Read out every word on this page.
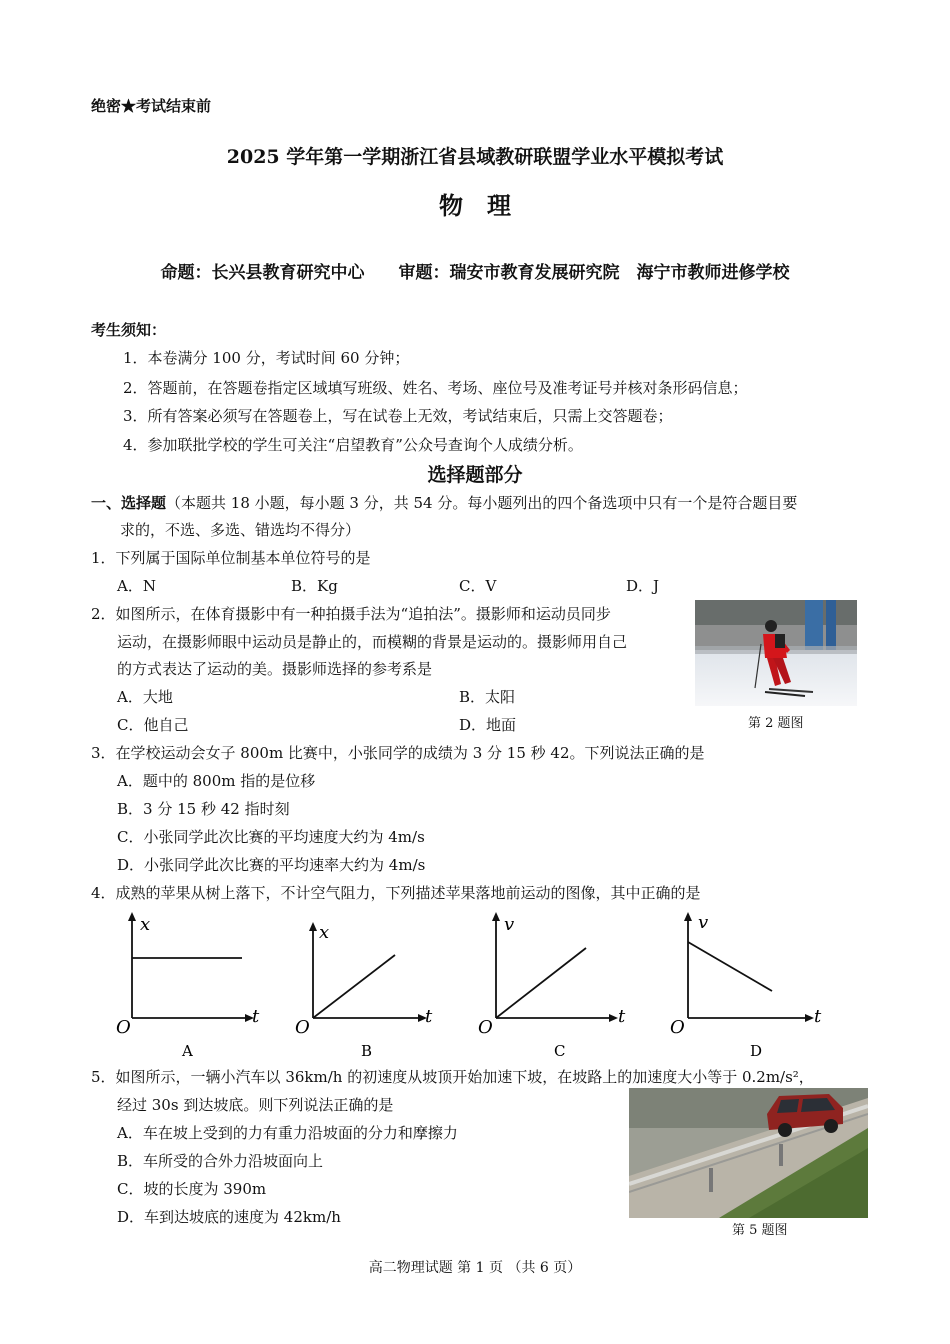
绝密★考试结束前
2025 学年第一学期浙江省县域教研联盟学业水平模拟考试
物　理
命题：长兴县教育研究中心　　审题：瑞安市教育发展研究院　海宁市教师进修学校
考生须知：
1．本卷满分 100 分，考试时间 60 分钟；
2．答题前，在答题卷指定区域填写班级、姓名、考场、座位号及准考证号并核对条形码信息；
3．所有答案必须写在答题卷上，写在试卷上无效，考试结束后，只需上交答题卷；
4．参加联批学校的学生可关注“启望教育”公众号查询个人成绩分析。
选择题部分
一、选择题（本题共 18 小题，每小题 3 分，共 54 分。每小题列出的四个备选项中只有一个是符合题目要
求的，不选、多选、错选均不得分）
1．下列属于国际单位制基本单位符号的是
A．N	B．Kg	C．V	D．J
2．如图所示，在体育摄影中有一种拍摄手法为“追拍法”。摄影师和运动员同步
运动，在摄影师眼中运动员是静止的，而模糊的背景是运动的。摄影师用自己
的方式表达了运动的美。摄影师选择的参考系是
A．大地	B．太阳
C．他自己	D．地面	第 2 题图
3．在学校运动会女子 800m 比赛中，小张同学的成绩为 3 分 15 秒 42。下列说法正确的是
A．题中的 800m 指的是位移
B．3 分 15 秒 42 指时刻
C．小张同学此次比赛的平均速度大约为 4m/s
D．小张同学此次比赛的平均速率大约为 4m/s
4．成熟的苹果从树上落下，不计空气阻力，下列描述苹果落地前运动的图像，其中正确的是
x
t
O
A
x
t
O
B
v
t
O
C
v
t
O
D
5．如图所示，一辆小汽车以 36km/h 的初速度从坡顶开始加速下坡，在坡路上的加速度大小等于 0.2m/s²，
经过 30s 到达坡底。则下列说法正确的是
A．车在坡上受到的力有重力沿坡面的分力和摩擦力
B．车所受的合外力沿坡面向上
C．坡的长度为 390m
D．车到达坡底的速度为 42km/h
第 5 题图
高二物理试题 第 1 页 （共 6 页）
